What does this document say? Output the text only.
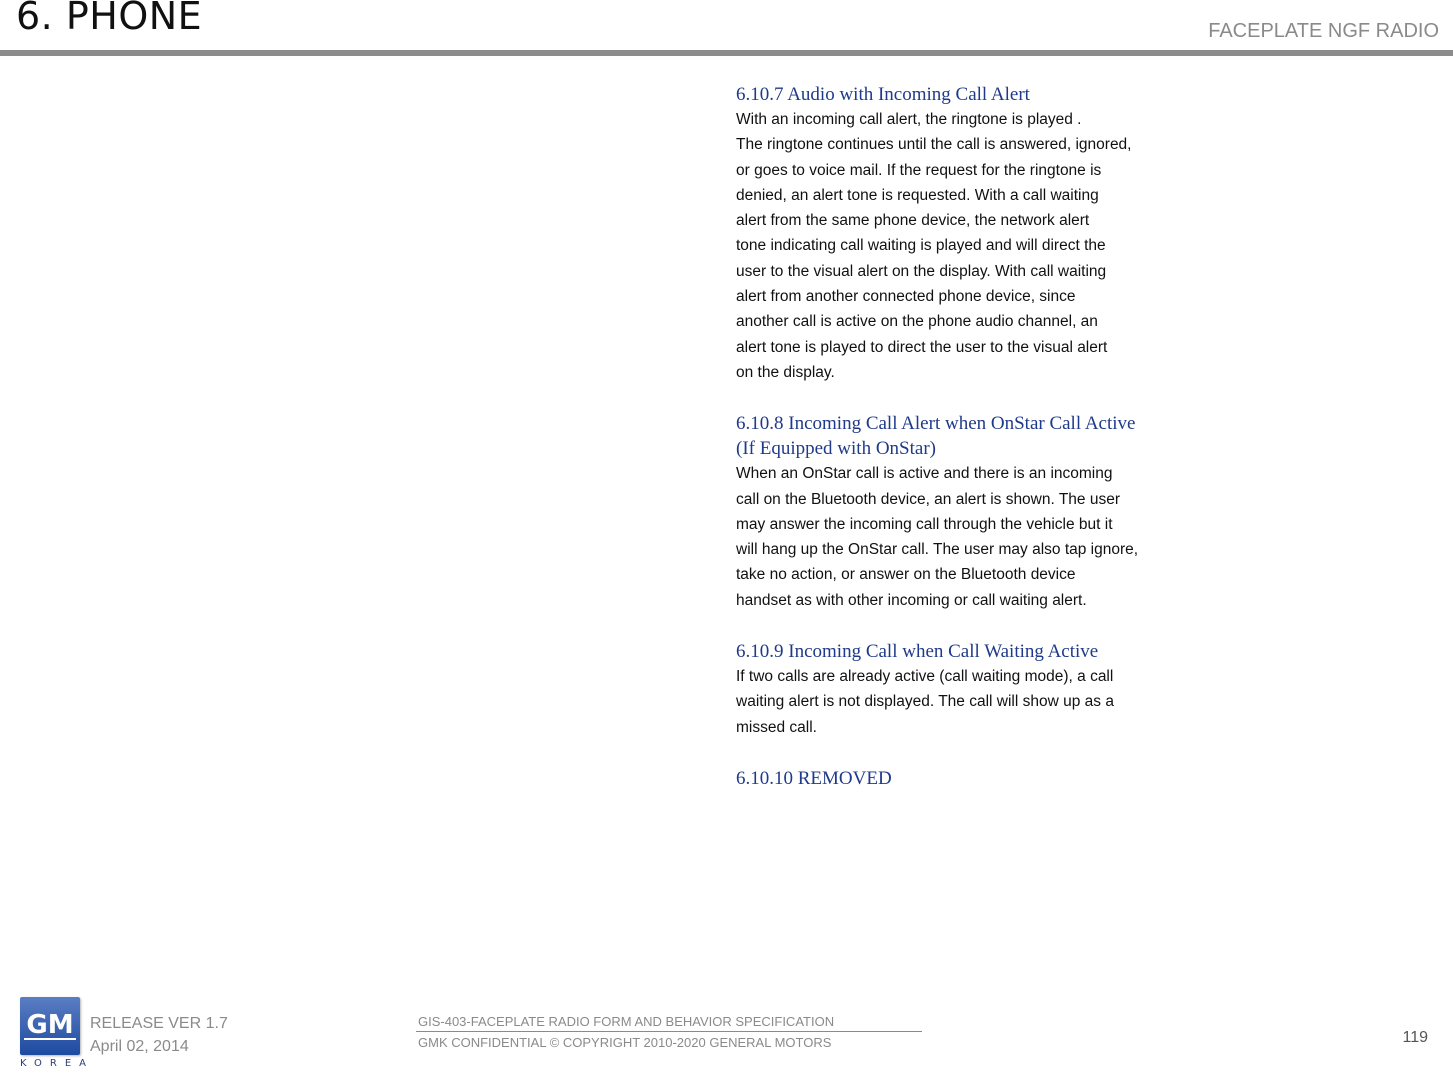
6. PHONE	FACEPLATE NGF RADIO
6.10.7 Audio with Incoming Call Alert
With an incoming call alert, the ringtone is played .
The ringtone continues until the call is answered, ignored,
or goes to voice mail. If the request for the ringtone is
denied, an alert tone is requested. With a call waiting
alert from the same phone device, the network alert
tone indicating call waiting is played and will direct the
user to the visual alert on the display. With call waiting
alert from another connected phone device, since
another call is active on the phone audio channel, an
alert tone is played to direct the user to the visual alert
on the display.
6.10.8 Incoming Call Alert when OnStar Call Active
(If Equipped with OnStar)
When an OnStar call is active and there is an incoming
call on the Bluetooth device, an alert is shown. The user
may answer the incoming call through the vehicle but it
will hang up the OnStar call. The user may also tap ignore,
take no action, or answer on the Bluetooth device
handset as with other incoming or call waiting alert.
6.10.9 Incoming Call when Call Waiting Active
If two calls are already active (call waiting mode), a call
waiting alert is not displayed. The call will show up as a
missed call.
6.10.10 REMOVED
GM
KOREA
RELEASE VER 1.7
April 02, 2014
GIS-403-FACEPLATE RADIO FORM AND BEHAVIOR SPECIFICATION
GMK CONFIDENTIAL © COPYRIGHT 2010-2020 GENERAL MOTORS	119
